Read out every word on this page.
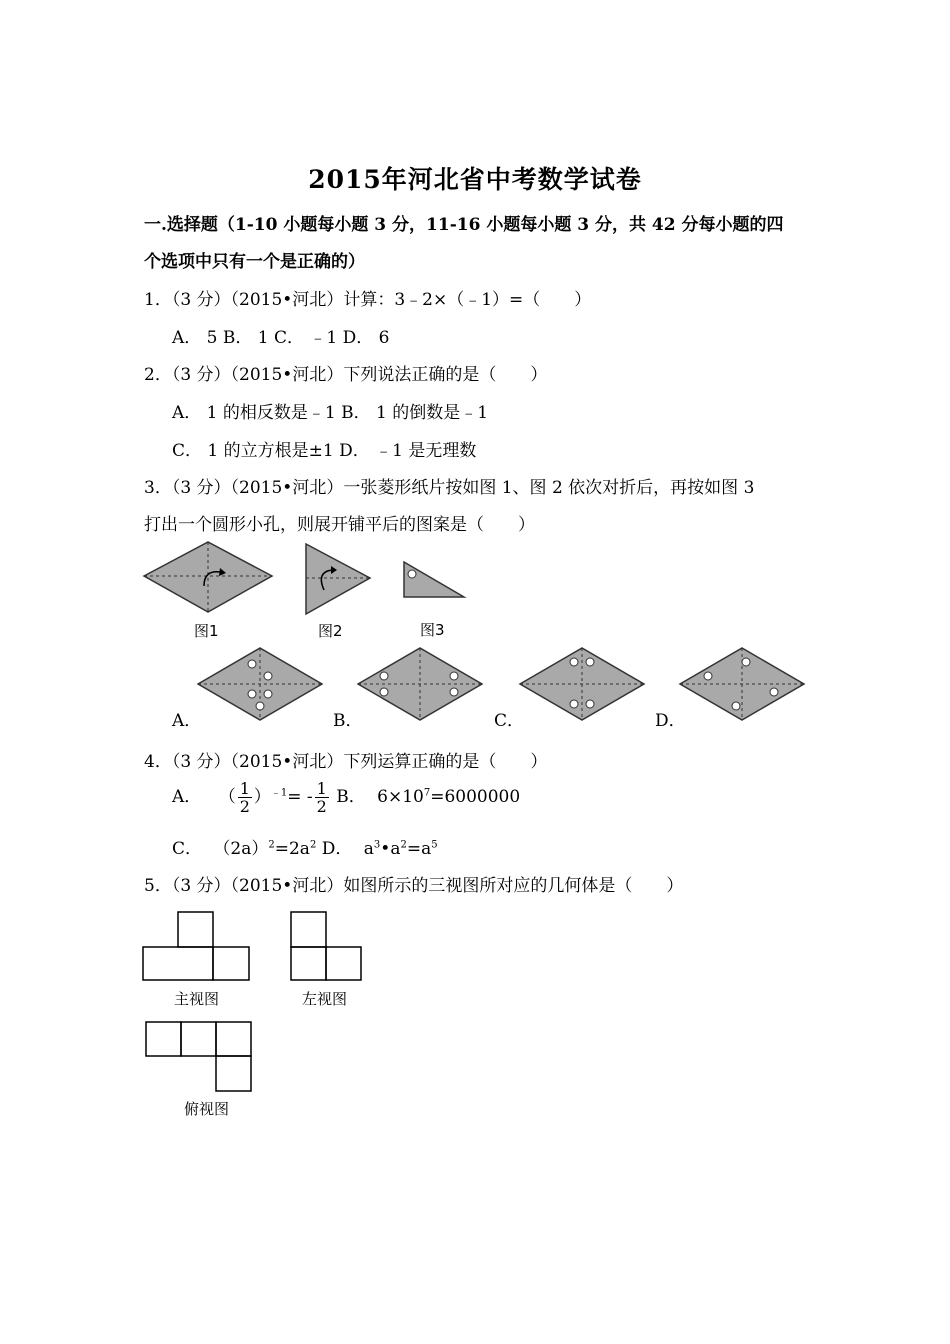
2015年河北省中考数学试卷
一.选择题（1-10 小题每小题 3 分，11-16 小题每小题 3 分，共 42 分每小题的四
个选项中只有一个是正确的）
1．（3 分）（2015•河北）计算：3﹣2×（﹣1）=（　　）
A． 5 B． 1 C． ﹣1 D． 6
2．（3 分）（2015•河北）下列说法正确的是（　　）
A． 1 的相反数是﹣1 B． 1 的倒数是﹣1
C． 1 的立方根是±1 D． ﹣1 是无理数
3．（3 分）（2015•河北）一张菱形纸片按如图 1、图 2 依次对折后，再按如图 3
打出一个圆形小孔，则展开铺平后的图案是（　　）
图1	图2	图3
A．	B．	C．	D．
4．（3 分）（2015•河北）下列运算正确的是（　　）
A． （ $\frac{1}{2} )^{﹣1}= - \frac{1}{2}$ B． $6\times 10^7=6000000$
C． $(2a)^2=2a^2$ D． $a^3•a^2=a^5$
5．（3 分）（2015•河北）如图所示的三视图所对应的几何体是（　　）
主视图	左视图
俯视图
